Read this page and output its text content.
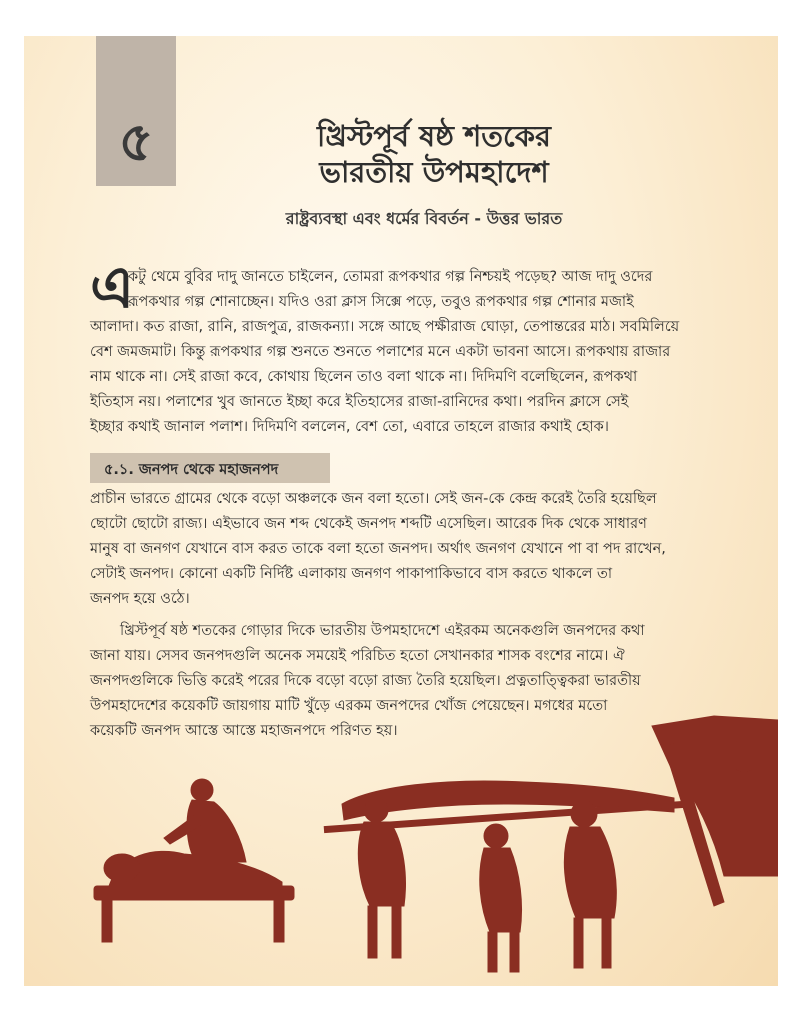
৫	খ্রিস্টপূর্ব ষষ্ঠ শতকের
ভারতীয় উপমহাদেশ
রাষ্ট্রব্যবস্থা এবং ধর্মের বিবর্তন - উত্তর ভারত
এ
কটু থেমে বুবির দাদু জানতে চাইলেন, তোমরা রূপকথার গল্প নিশ্চয়ই পড়েছ? আজ দাদু ওদের
রূপকথার গল্প শোনাচ্ছেন। যদিও ওরা ক্লাস সিক্সে পড়ে, তবুও রূপকথার গল্প শোনার মজাই
আলাদা। কত রাজা, রানি, রাজপুত্র, রাজকন্যা। সঙ্গে আছে পক্ষীরাজ ঘোড়া, তেপান্তরের মাঠ। সবমিলিয়ে
বেশ জমজমাট। কিন্তু রূপকথার গল্প শুনতে শুনতে পলাশের মনে একটা ভাবনা আসে। রূপকথায় রাজার
নাম থাকে না। সেই রাজা কবে, কোথায় ছিলেন তাও বলা থাকে না। দিদিমণি বলেছিলেন, রূপকথা
ইতিহাস নয়। পলাশের খুব জানতে ইচ্ছা করে ইতিহাসের রাজা-রানিদের কথা। পরদিন ক্লাসে সেই
ইচ্ছার কথাই জানাল পলাশ। দিদিমণি বললেন, বেশ তো, এবারে তাহলে রাজার কথাই হোক।
৫.১. জনপদ থেকে মহাজনপদ
প্রাচীন ভারতে গ্রামের থেকে বড়ো অঞ্চলকে জন বলা হতো। সেই জন-কে কেন্দ্র করেই তৈরি হয়েছিল
ছোটো ছোটো রাজ্য। এইভাবে জন শব্দ থেকেই জনপদ শব্দটি এসেছিল। আরেক দিক থেকে সাধারণ
মানুষ বা জনগণ যেখানে বাস করত তাকে বলা হতো জনপদ। অর্থাৎ জনগণ যেখানে পা বা পদ রাখেন,
সেটাই জনপদ। কোনো একটি নির্দিষ্ট এলাকায় জনগণ পাকাপাকিভাবে বাস করতে থাকলে তা
জনপদ হয়ে ওঠে।
খ্রিস্টপূর্ব ষষ্ঠ শতকের গোড়ার দিকে ভারতীয় উপমহাদেশে এইরকম অনেকগুলি জনপদের কথা
জানা যায়। সেসব জনপদগুলি অনেক সময়েই পরিচিত হতো সেখানকার শাসক বংশের নামে। ঐ
জনপদগুলিকে ভিত্তি করেই পরের দিকে বড়ো বড়ো রাজ্য তৈরি হয়েছিল। প্রত্নতাত্ত্বিকরা ভারতীয়
উপমহাদেশের কয়েকটি জায়গায় মাটি খুঁড়ে এরকম জনপদের খোঁজ পেয়েছেন। মগধের মতো
কয়েকটি জনপদ আস্তে আস্তে মহাজনপদে পরিণত হয়।
